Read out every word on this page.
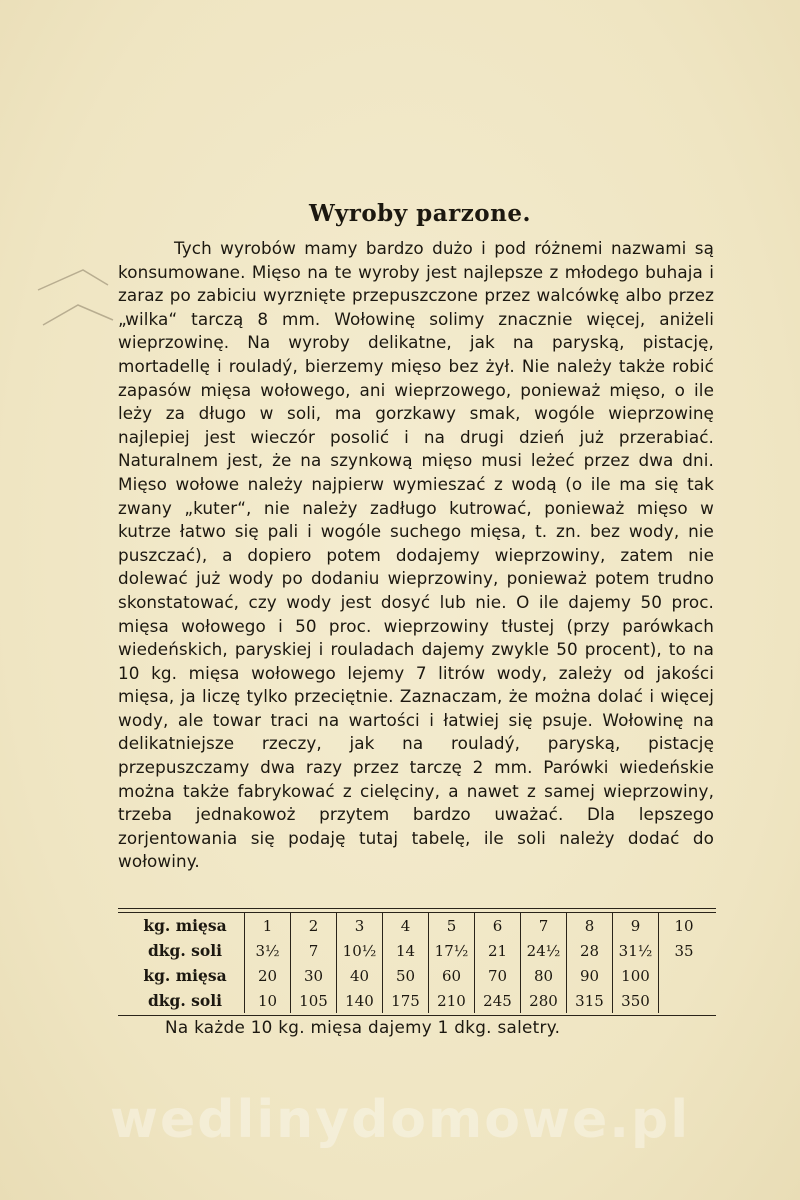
Wyroby parzone.

Tych wyrobów mamy bardzo dużo i pod różnemi nazwami są konsumowane. Mięso na te wyroby jest najlepsze z młodego buhaja i zaraz po zabiciu wyrznięte przepuszczone przez walcówkę albo przez „wilka“ tarczą 8 mm. Wołowinę solimy znacznie więcej, aniżeli wieprzowinę. Na wyroby delikatne, jak na paryską, pistację, mortadellę i rouladý, bierzemy mięso bez żył. Nie należy także robić zapasów mięsa wołowego, ani wieprzowego, ponieważ mięso, o ile leży za długo w soli, ma gorzkawy smak, wogóle wieprzowinę najlepiej jest wieczór posolić i na drugi dzień już przerabiać. Naturalnem jest, że na szynkową mięso musi leżeć przez dwa dni. Mięso wołowe należy najpierw wymieszać z wodą (o ile ma się tak zwany „kuter“, nie należy zadługo kutrować, ponieważ mięso w kutrze łatwo się pali i wogóle suchego mięsa, t. zn. bez wody, nie puszczać), a dopiero potem dodajemy wieprzowiny, zatem nie dolewać już wody po dodaniu wieprzowiny, ponieważ potem trudno skonstatować, czy wody jest dosyć lub nie. O ile dajemy 50 proc. mięsa wołowego i 50 proc. wieprzowiny tłustej (przy parówkach wiedeńskich, paryskiej i rouladach dajemy zwykle 50 procent), to na 10 kg. mięsa wołowego lejemy 7 litrów wody, zależy od jakości mięsa, ja liczę tylko przeciętnie. Zaznaczam, że można dolać i więcej wody, ale towar traci na wartości i łatwiej się psuje. Wołowinę na delikatniejsze rzeczy, jak na rouladý, paryską, pistację przepuszczamy dwa razy przez tarczę 2 mm. Parówki wiedeńskie można także fabrykować z cielęciny, a nawet z samej wieprzowiny, trzeba jednakowoż przytem bardzo uważać. Dla lepszego zorjentowania się podaję tutaj tabelę, ile soli należy dodać do wołowiny.

kg. mięsa	1	2	3	4	5	6	7	8	9	10
dkg. soli	3½	7	10½	14	17½	21	24½	28	31½	35
kg. mięsa	20	30	40	50	60	70	80	90	100	
dkg. soli	10	105	140	175	210	245	280	315	350	
Na każde 10 kg. mięsa dajemy 1 dkg. saletry.
wedlinydomowe.pl
